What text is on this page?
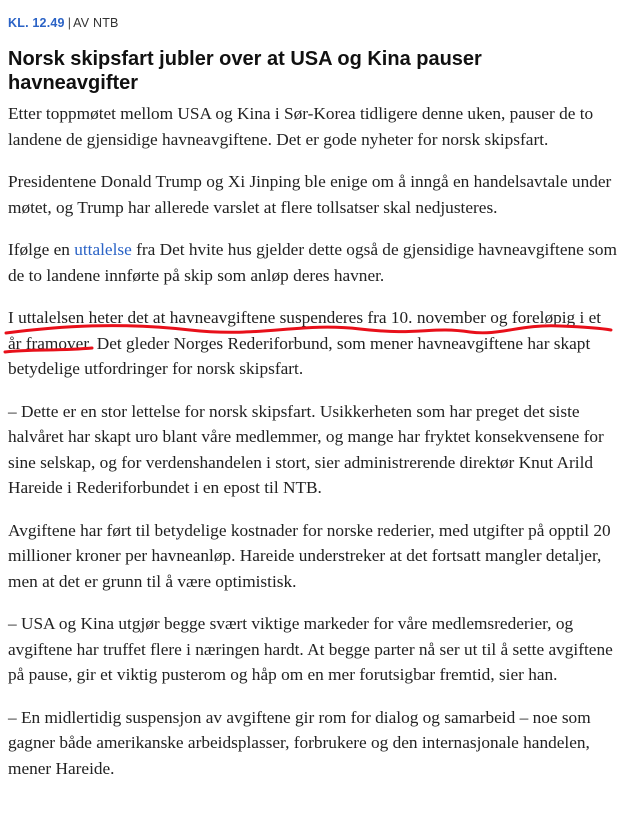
KL. 12.49 | AV NTB
Norsk skipsfart jubler over at USA og Kina pauser havneavgifter

Etter toppmøtet mellom USA og Kina i Sør-Korea tidligere denne uken, pauser de to landene de gjensidige havneavgiftene. Det er gode nyheter for norsk skipsfart.

Presidentene Donald Trump og Xi Jinping ble enige om å inngå en handelsavtale under møtet, og Trump har allerede varslet at flere tollsatser skal nedjusteres.

Ifølge en uttalelse fra Det hvite hus gjelder dette også de gjensidige havneavgiftene som de to landene innførte på skip som anløp deres havner.

I uttalelsen heter det at havneavgiftene suspenderes fra 10. november og foreløpig i et år framover. Det gleder Norges Rederiforbund, som mener havneavgiftene har skapt betydelige utfordringer for norsk skipsfart.

– Dette er en stor lettelse for norsk skipsfart. Usikkerheten som har preget det siste halvåret har skapt uro blant våre medlemmer, og mange har fryktet konsekvensene for sine selskap, og for verdenshandelen i stort, sier administrerende direktør Knut Arild Hareide i Rederiforbundet i en epost til NTB.

Avgiftene har ført til betydelige kostnader for norske rederier, med utgifter på opptil 20 millioner kroner per havneanløp. Hareide understreker at det fortsatt mangler detaljer, men at det er grunn til å være optimistisk.

– USA og Kina utgjør begge svært viktige markeder for våre medlemsrederier, og avgiftene har truffet flere i næringen hardt. At begge parter nå ser ut til å sette avgiftene på pause, gir et viktig pusterom og håp om en mer forutsigbar fremtid, sier han.

– En midlertidig suspensjon av avgiftene gir rom for dialog og samarbeid – noe som gagner både amerikanske arbeidsplasser, forbrukere og den internasjonale handelen, mener Hareide.
